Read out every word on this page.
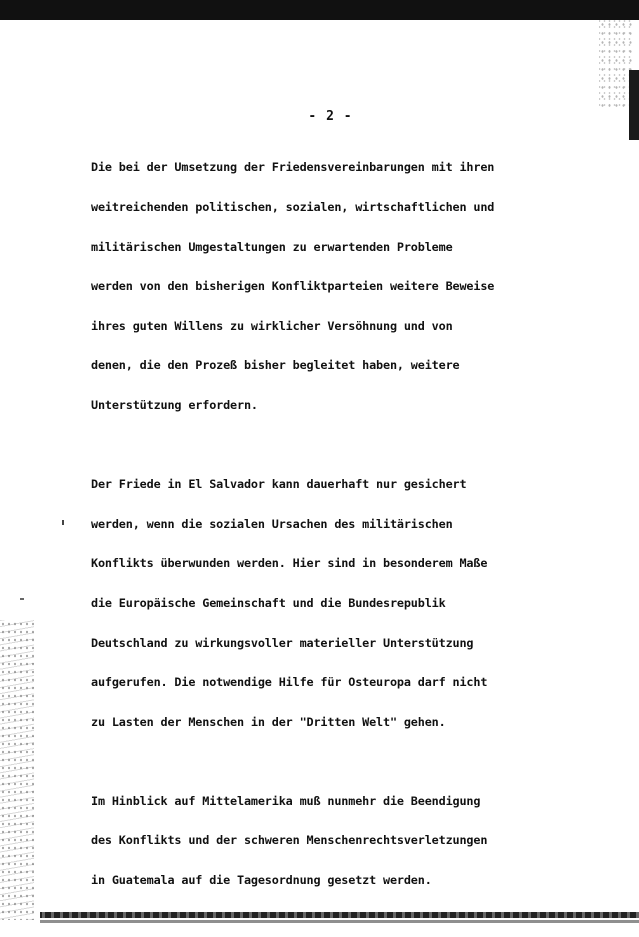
- 2 -

Die bei der Umsetzung der Friedensvereinbarungen mit ihren

weitreichenden politischen, sozialen, wirtschaftlichen und

militärischen Umgestaltungen zu erwartenden Probleme

werden von den bisherigen Konfliktparteien weitere Beweise

ihres guten Willens zu wirklicher Versöhnung und von

denen, die den Prozeß bisher begleitet haben, weitere

Unterstützung erfordern.

Der Friede in El Salvador kann dauerhaft nur gesichert

werden, wenn die sozialen Ursachen des militärischen

Konflikts überwunden werden. Hier sind in besonderem Maße

die Europäische Gemeinschaft und die Bundesrepublik

Deutschland zu wirkungsvoller materieller Unterstützung

aufgerufen. Die notwendige Hilfe für Osteuropa darf nicht

zu Lasten der Menschen in der "Dritten Welt" gehen.

Im Hinblick auf Mittelamerika muß nunmehr die Beendigung

des Konflikts und der schweren Menschenrechtsverletzungen

in Guatemala auf die Tagesordnung gesetzt werden.
